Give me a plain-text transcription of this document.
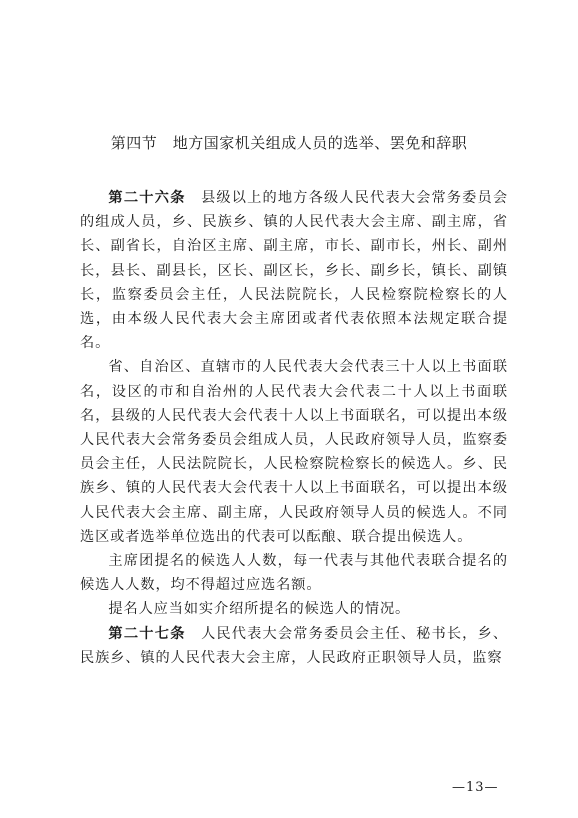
第四节　地方国家机关组成人员的选举、罢免和辞职

第二十六条　县级以上的地方各级人民代表大会常务委员会的组成人员，乡、民族乡、镇的人民代表大会主席、副主席，省长、副省长，自治区主席、副主席，市长、副市长，州长、副州长，县长、副县长，区长、副区长，乡长、副乡长，镇长、副镇长，监察委员会主任，人民法院院长，人民检察院检察长的人选，由本级人民代表大会主席团或者代表依照本法规定联合提名。

省、自治区、直辖市的人民代表大会代表三十人以上书面联名，设区的市和自治州的人民代表大会代表二十人以上书面联名，县级的人民代表大会代表十人以上书面联名，可以提出本级人民代表大会常务委员会组成人员，人民政府领导人员，监察委员会主任，人民法院院长，人民检察院检察长的候选人。乡、民族乡、镇的人民代表大会代表十人以上书面联名，可以提出本级人民代表大会主席、副主席，人民政府领导人员的候选人。不同选区或者选举单位选出的代表可以酝酿、联合提出候选人。

主席团提名的候选人人数，每一代表与其他代表联合提名的候选人人数，均不得超过应选名额。

提名人应当如实介绍所提名的候选人的情况。

第二十七条　人民代表大会常务委员会主任、秘书长，乡、民族乡、镇的人民代表大会主席，人民政府正职领导人员，监察

—13—
